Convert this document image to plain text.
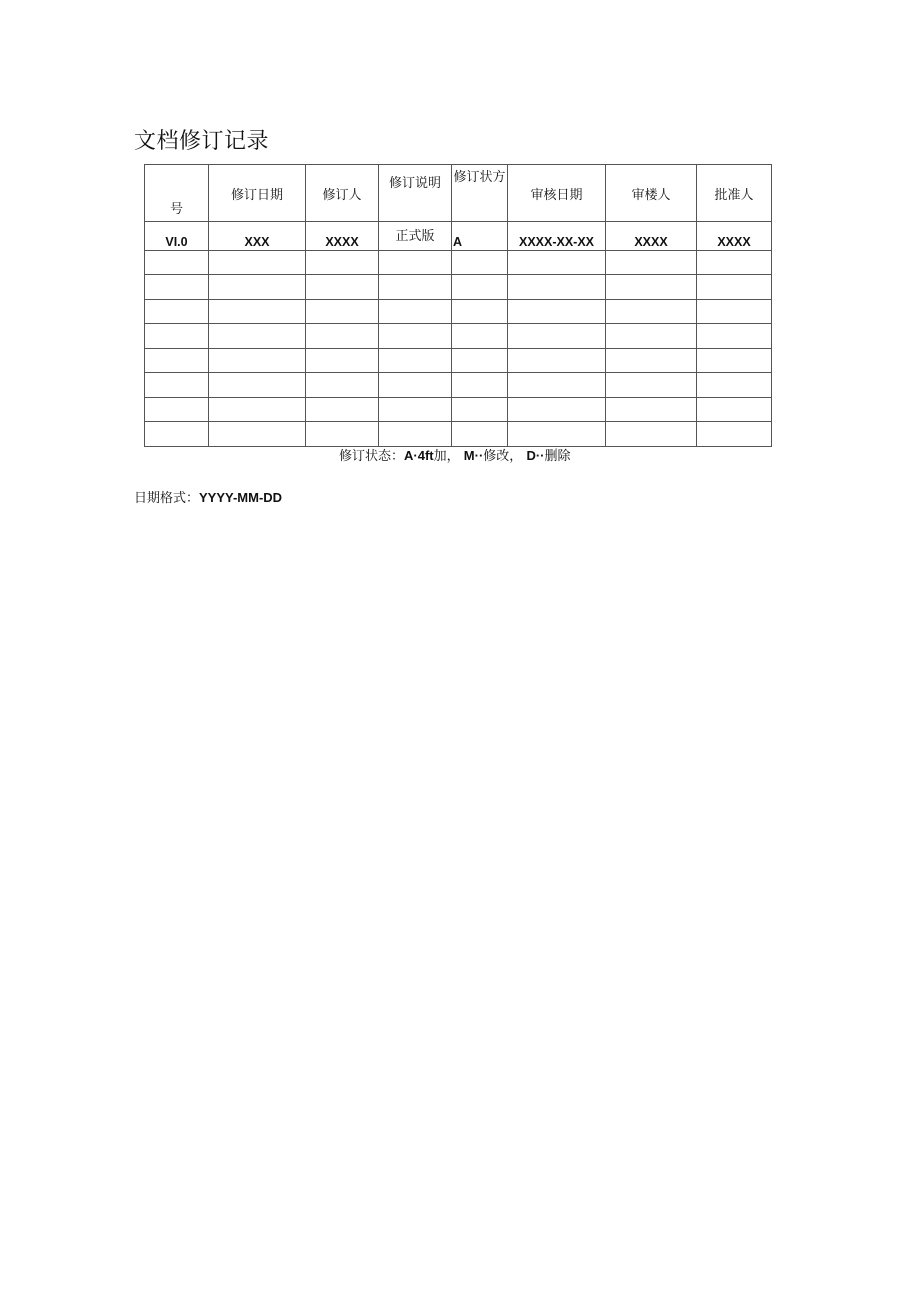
文档修订记录
号	修订日期	修订人	修订说明	修订状方	审核日期	审楼人	批准人
VI.0	XXX	XXXX	正式版	A	XXXX-XX-XX	XXXX	XXXX

修订状态：A·4ft加， M··修改， D··删除
日期格式：YYYY-MM-DD
